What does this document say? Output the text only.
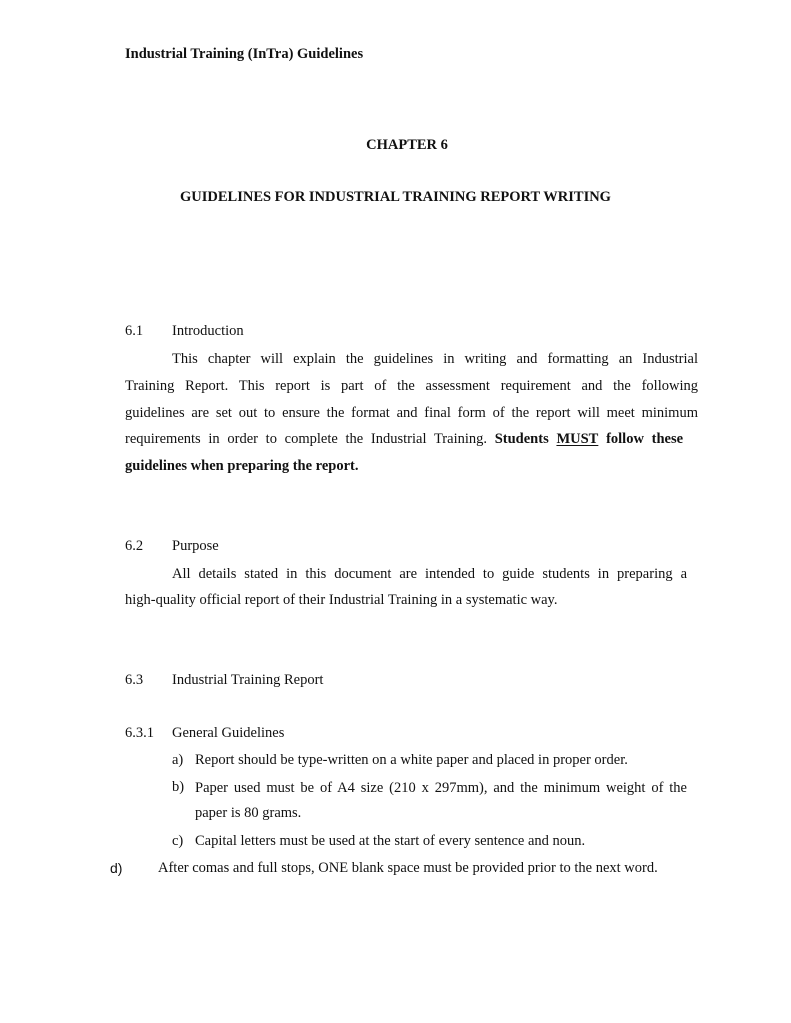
Industrial Training (InTra) Guidelines
CHAPTER 6
GUIDELINES FOR INDUSTRIAL TRAINING REPORT WRITING
6.1 Introduction
This chapter will explain the guidelines in writing and formatting an Industrial
Training Report. This report is part of the assessment requirement and the following
guidelines are set out to ensure the format and final form of the report will meet minimum
requirements in order to complete the Industrial Training. Students MUST follow these
guidelines when preparing the report.
6.2 Purpose
All details stated in this document are intended to guide students in preparing a
high-quality official report of their Industrial Training in a systematic way.
6.3 Industrial Training Report
6.3.1 General Guidelines
a) Report should be type-written on a white paper and placed in proper order.
b) Paper used must be of A4 size (210 x 297mm), and the minimum weight of the
paper is 80 grams.
c) Capital letters must be used at the start of every sentence and noun.
d) After comas and full stops, ONE blank space must be provided prior to the next word.
